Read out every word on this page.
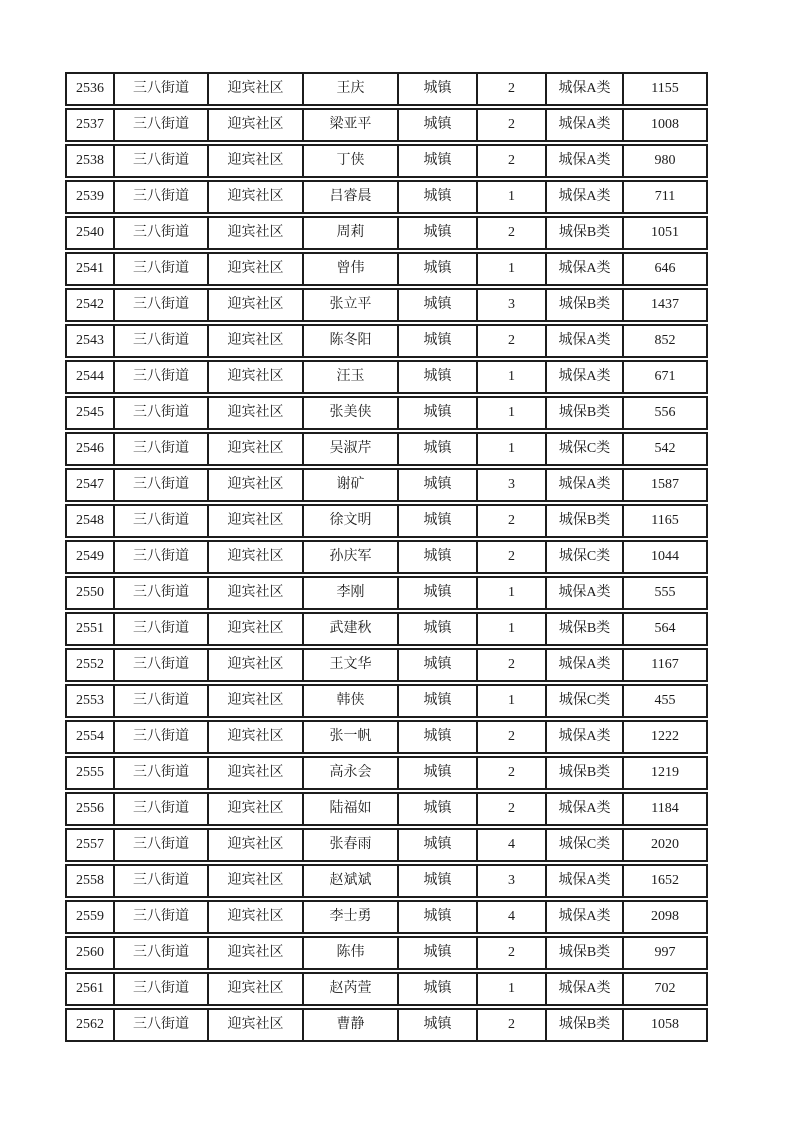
2536	三八街道	迎宾社区	王庆	城镇	2	城保A类	1155
2537	三八街道	迎宾社区	梁亚平	城镇	2	城保A类	1008
2538	三八街道	迎宾社区	丁侠	城镇	2	城保A类	980
2539	三八街道	迎宾社区	吕睿晨	城镇	1	城保A类	711
2540	三八街道	迎宾社区	周莉	城镇	2	城保B类	1051
2541	三八街道	迎宾社区	曾伟	城镇	1	城保A类	646
2542	三八街道	迎宾社区	张立平	城镇	3	城保B类	1437
2543	三八街道	迎宾社区	陈冬阳	城镇	2	城保A类	852
2544	三八街道	迎宾社区	汪玉	城镇	1	城保A类	671
2545	三八街道	迎宾社区	张美侠	城镇	1	城保B类	556
2546	三八街道	迎宾社区	吴淑芹	城镇	1	城保C类	542
2547	三八街道	迎宾社区	谢矿	城镇	3	城保A类	1587
2548	三八街道	迎宾社区	徐文明	城镇	2	城保B类	1165
2549	三八街道	迎宾社区	孙庆军	城镇	2	城保C类	1044
2550	三八街道	迎宾社区	李刚	城镇	1	城保A类	555
2551	三八街道	迎宾社区	武建秋	城镇	1	城保B类	564
2552	三八街道	迎宾社区	王文华	城镇	2	城保A类	1167
2553	三八街道	迎宾社区	韩侠	城镇	1	城保C类	455
2554	三八街道	迎宾社区	张一帆	城镇	2	城保A类	1222
2555	三八街道	迎宾社区	高永会	城镇	2	城保B类	1219
2556	三八街道	迎宾社区	陆福如	城镇	2	城保A类	1184
2557	三八街道	迎宾社区	张春雨	城镇	4	城保C类	2020
2558	三八街道	迎宾社区	赵斌斌	城镇	3	城保A类	1652
2559	三八街道	迎宾社区	李士勇	城镇	4	城保A类	2098
2560	三八街道	迎宾社区	陈伟	城镇	2	城保B类	997
2561	三八街道	迎宾社区	赵芮萱	城镇	1	城保A类	702
2562	三八街道	迎宾社区	曹静	城镇	2	城保B类	1058
